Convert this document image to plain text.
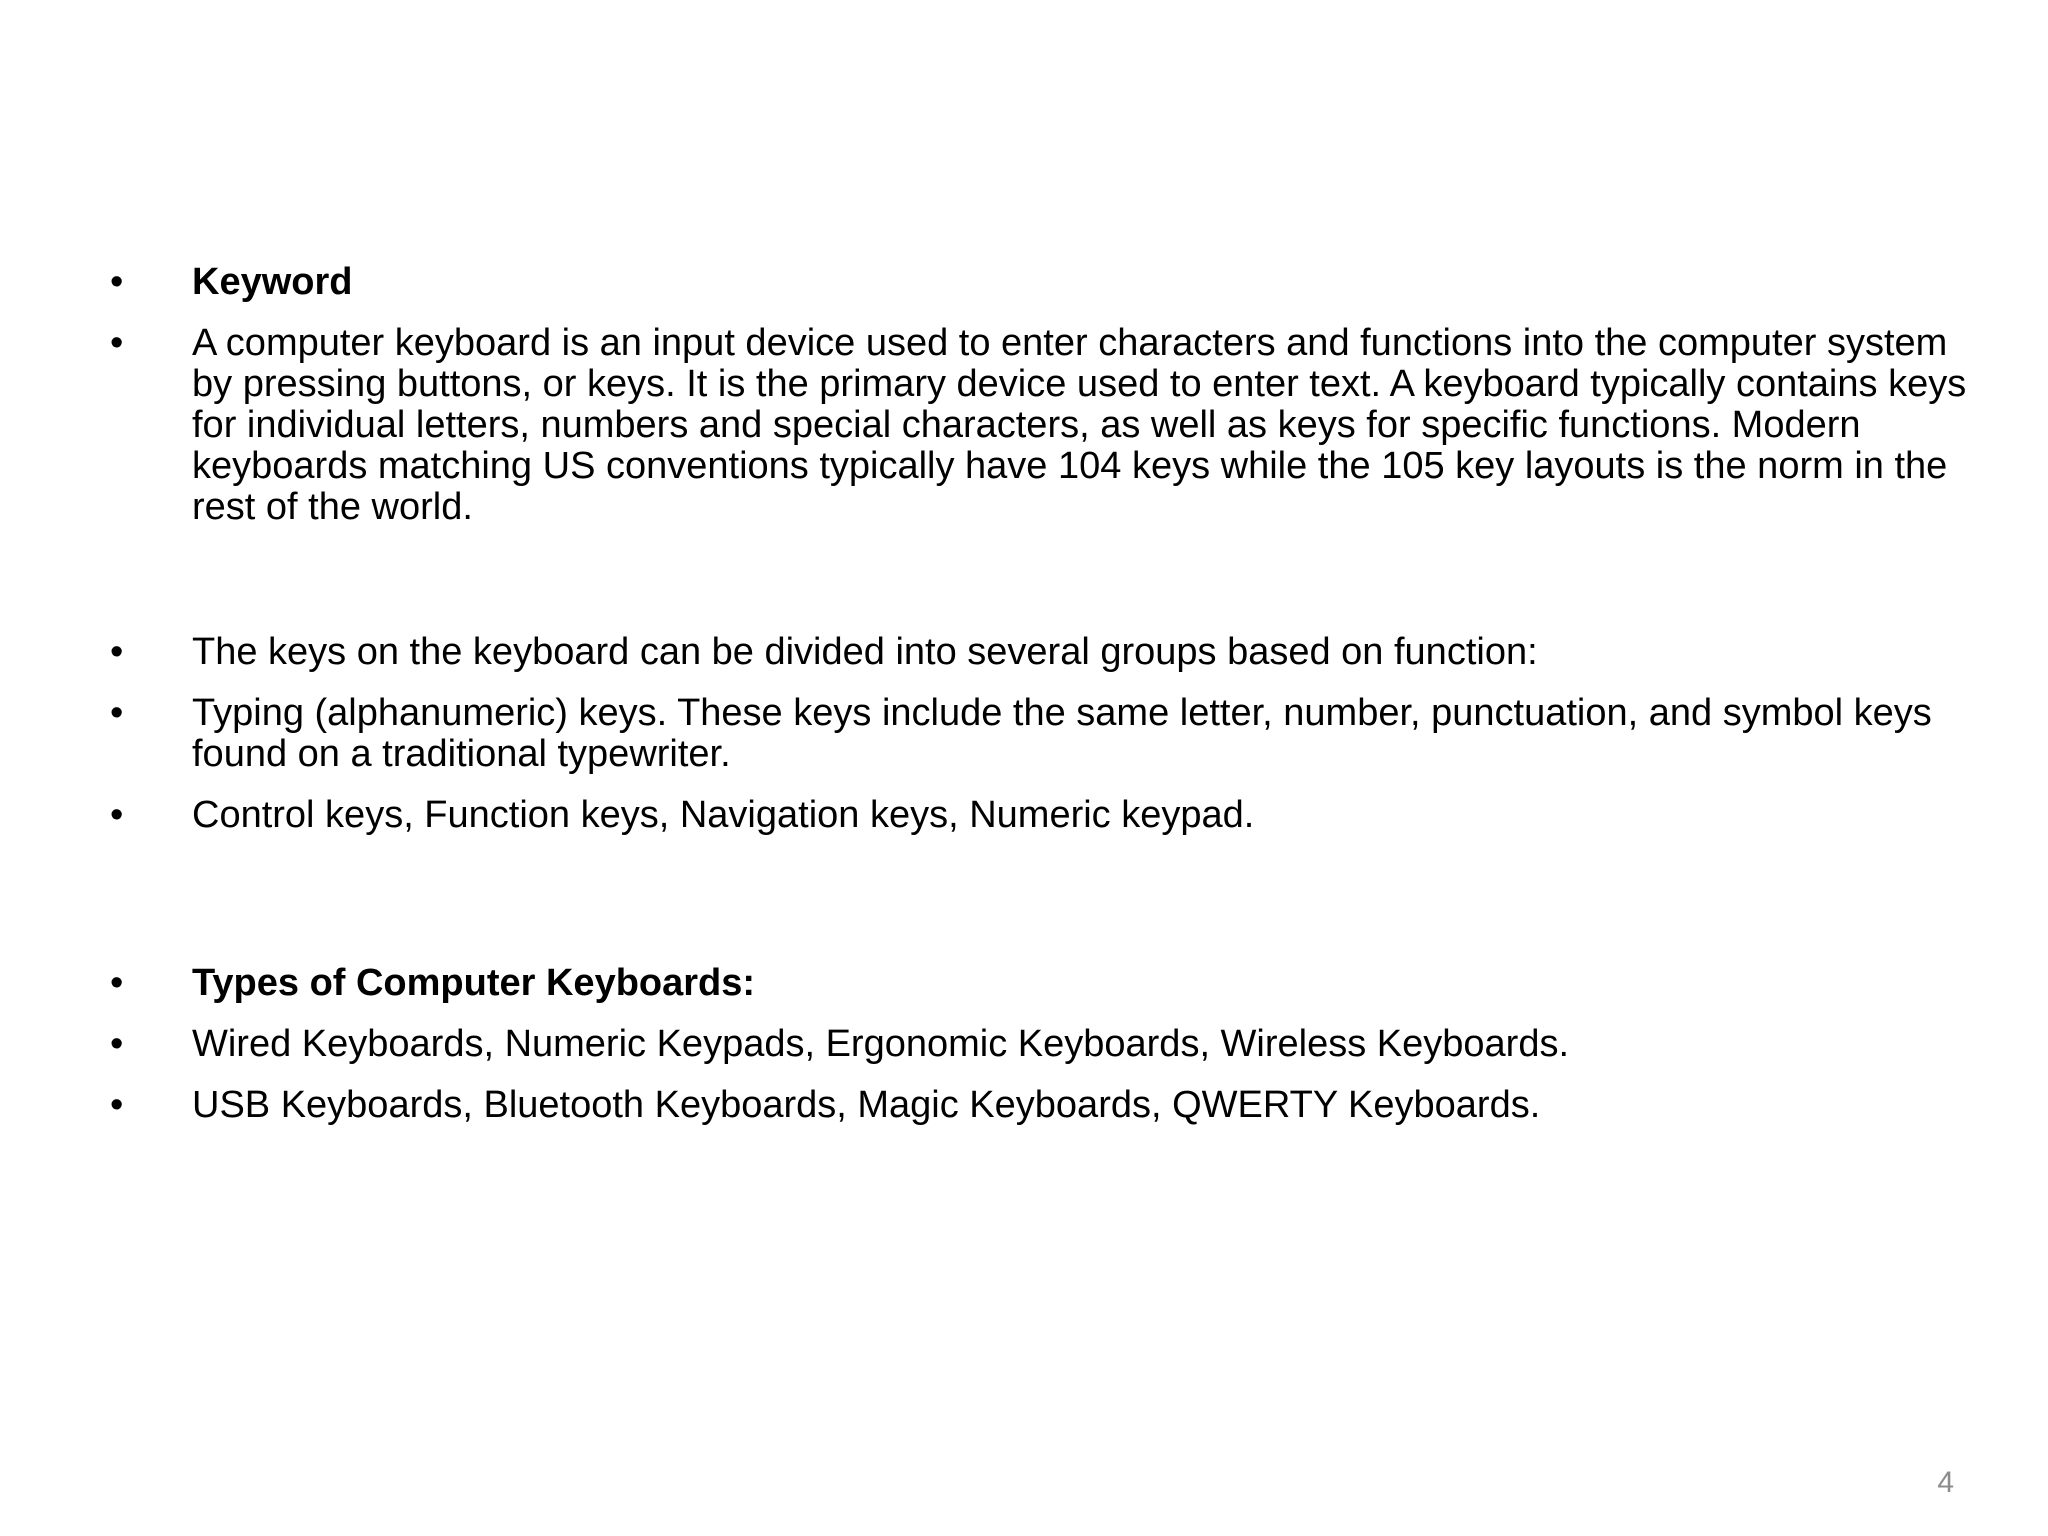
•	Keyword
•	A computer keyboard is an input device used to enter characters and functions into the computer system by pressing buttons, or keys. It is the primary device used to enter text. A keyboard typically contains keys for individual letters, numbers and special characters, as well as keys for specific functions. Modern keyboards matching US conventions typically have 104 keys while the 105 key layouts is the norm in the rest of the world.
•	The keys on the keyboard can be divided into several groups based on function:
•	Typing (alphanumeric) keys. These keys include the same letter, number, punctuation, and symbol keys found on a traditional typewriter.
•	Control keys, Function keys, Navigation keys, Numeric keypad.
•	Types of Computer Keyboards:
•	Wired Keyboards, Numeric Keypads, Ergonomic Keyboards, Wireless Keyboards.
•	USB Keyboards, Bluetooth Keyboards, Magic Keyboards, QWERTY Keyboards.
4
